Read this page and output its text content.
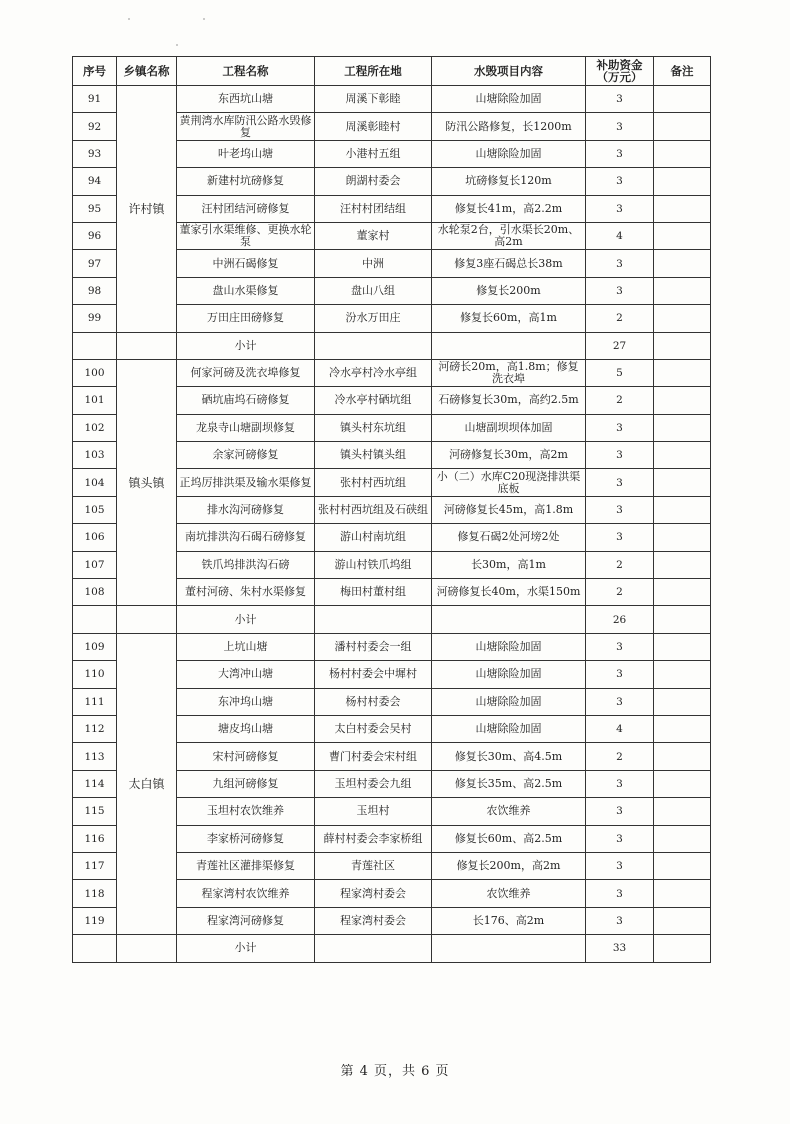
序号	乡镇名称	工程名称	工程所在地	水毁项目内容	补助资金（万元）	备注
91	许村镇	东西坑山塘	周溪下彰睦	山塘除险加固	3	
92		黄荆湾水库防汛公路水毁修复	周溪彰睦村	防汛公路修复，长1200m	3	
93		叶老坞山塘	小港村五组	山塘除险加固	3	
94		新建村坑磅修复	朗湖村委会	坑磅修复长120m	3	
95		汪村团结河磅修复	汪村村团结组	修复长41m，高2.2m	3	
96		董家引水渠维修、更换水轮泵	董家村	水轮泵2台，引水渠长20m、高2m	4	
97		中洲石碣修复	中洲	修复3座石碣总长38m	3	
98		盘山水渠修复	盘山八组	修复长200m	3	
99		万田庄田磅修复	汾水万田庄	修复长60m，高1m	2	
		小计			27	
100	镇头镇	何家河磅及洗衣埠修复	冷水亭村冷水亭组	河磅长20m，高1.8m；修复洗衣埠	5	
101		硒坑庙坞石磅修复	冷水亭村硒坑组	石磅修复长30m，高约2.5m	2	
102		龙泉寺山塘副坝修复	镇头村东坑组	山塘副坝坝体加固	3	
103		余家河磅修复	镇头村镇头组	河磅修复长30m，高2m	3	
104		正坞厉排洪渠及输水渠修复	张村村西坑组	小（二）水库C20现浇排洪渠底板	3	
105		排水沟河磅修复	张村村西坑组及石硖组	河磅修复长45m，高1.8m	3	
106		南坑排洪沟石碣石磅修复	游山村南坑组	修复石碣2处河塝2处	3	
107		铁爪坞排洪沟石磅	游山村铁爪坞组	长30m，高1m	2	
108		董村河磅、朱村水渠修复	梅田村董村组	河磅修复长40m，水渠150m	2	
		小计			26	
109	太白镇	上坑山塘	潘村村委会一组	山塘除险加固	3	
110		大湾冲山塘	杨村村委会中墀村	山塘除险加固	3	
111		东冲坞山塘	杨村村委会	山塘除险加固	3	
112		塘皮坞山塘	太白村委会吴村	山塘除险加固	4	
113		宋村河磅修复	曹门村委会宋村组	修复长30m、高4.5m	2	
114		九组河磅修复	玉坦村委会九组	修复长35m、高2.5m	3	
115		玉坦村农饮维养	玉坦村	农饮维养	3	
116		李家桥河磅修复	薛村村委会李家桥组	修复长60m、高2.5m	3	
117		青莲社区灌排渠修复	青莲社区	修复长200m，高2m	3	
118		程家湾村农饮维养	程家湾村委会	农饮维养	3	
119		程家湾河磅修复	程家湾村委会	长176、高2m	3	
		小计			33	
第 4 页，共 6 页
